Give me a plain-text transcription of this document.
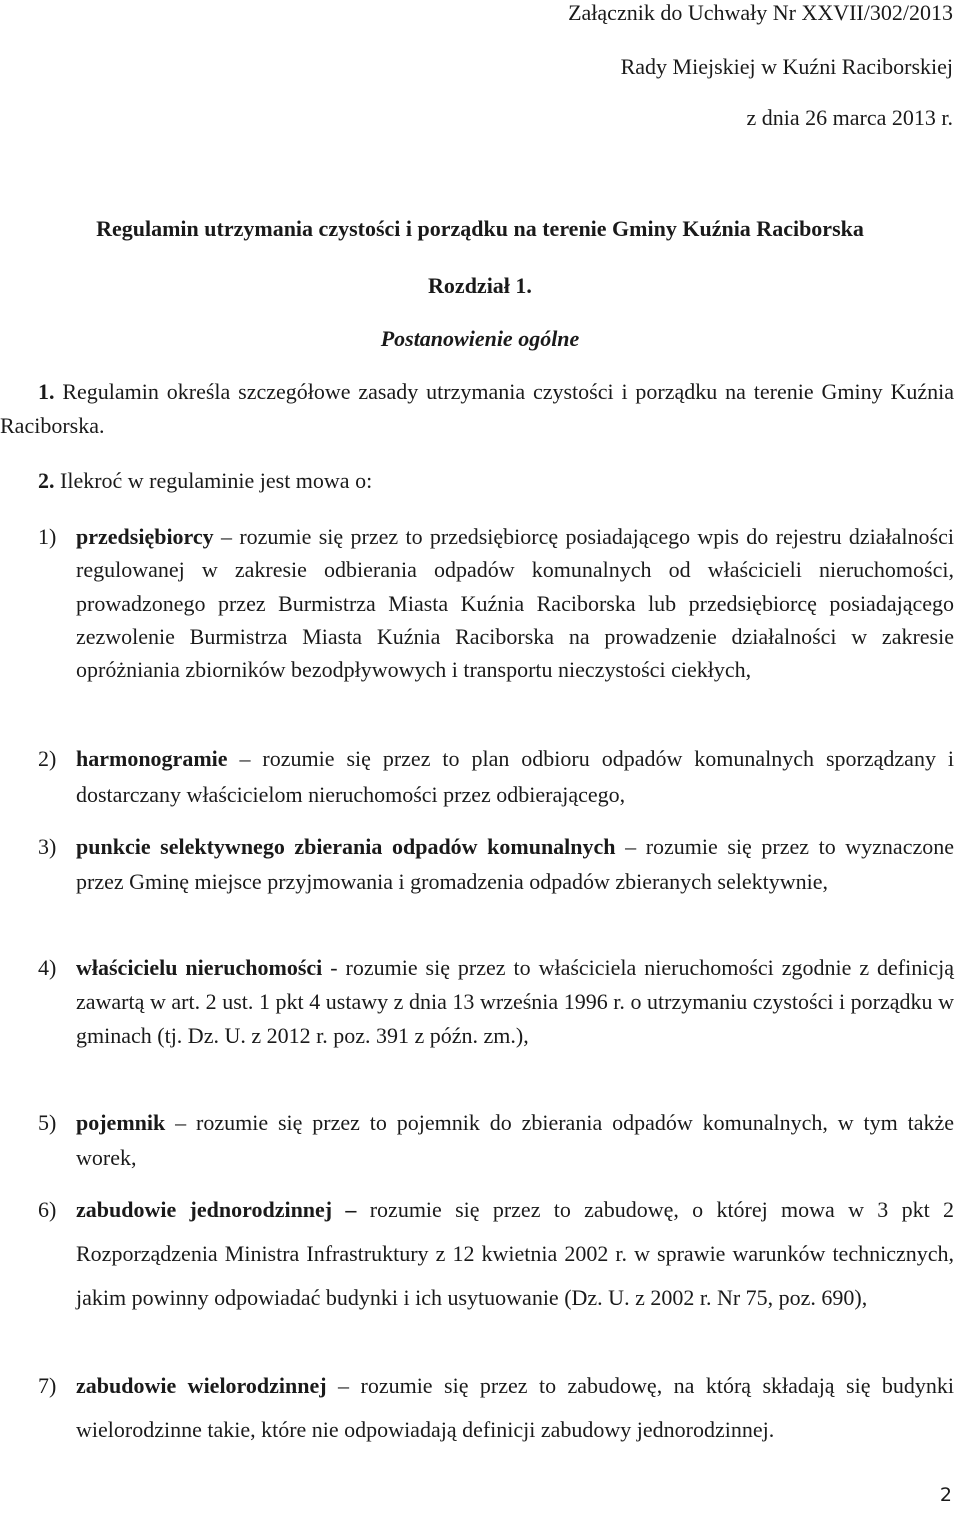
Załącznik do Uchwały Nr XXVII/302/2013
Rady Miejskiej w Kuźni Raciborskiej
z dnia 26 marca 2013 r.
Regulamin utrzymania czystości i porządku na terenie Gminy Kuźnia Raciborska
Rozdział 1.
Postanowienie ogólne
1. Regulamin określa szczegółowe zasady utrzymania czystości i porządku na terenie Gminy Kuźnia Raciborska.
2. Ilekroć w regulaminie jest mowa o:
1) przedsiębiorcy – rozumie się przez to przedsiębiorcę posiadającego wpis do rejestru działalności regulowanej w zakresie odbierania odpadów komunalnych od właścicieli nieruchomości, prowadzonego przez Burmistrza Miasta Kuźnia Raciborska lub przedsiębiorcę posiadającego zezwolenie Burmistrza Miasta Kuźnia Raciborska na prowadzenie działalności w zakresie opróżniania zbiorników bezodpływowych i transportu nieczystości ciekłych,
2) harmonogramie – rozumie się przez to plan odbioru odpadów komunalnych sporządzany i dostarczany właścicielom nieruchomości przez odbierającego,
3) punkcie selektywnego zbierania odpadów komunalnych – rozumie się przez to wyznaczone przez Gminę miejsce przyjmowania i gromadzenia odpadów zbieranych selektywnie,
4) właścicielu nieruchomości - rozumie się przez to właściciela nieruchomości zgodnie z definicją zawartą w art. 2 ust. 1 pkt 4 ustawy z dnia 13 września 1996 r. o utrzymaniu czystości i porządku w gminach (tj. Dz. U. z 2012 r. poz. 391 z późn. zm.),
5) pojemnik – rozumie się przez to pojemnik do zbierania odpadów komunalnych, w tym także worek,
6) zabudowie jednorodzinnej – rozumie się przez to zabudowę, o której mowa w 3 pkt 2 Rozporządzenia Ministra Infrastruktury z 12 kwietnia 2002 r. w sprawie warunków technicznych, jakim powinny odpowiadać budynki i ich usytuowanie (Dz. U. z 2002 r. Nr 75, poz. 690),
7) zabudowie wielorodzinnej – rozumie się przez to zabudowę, na którą składają się budynki wielorodzinne takie, które nie odpowiadają definicji zabudowy jednorodzinnej.
2
